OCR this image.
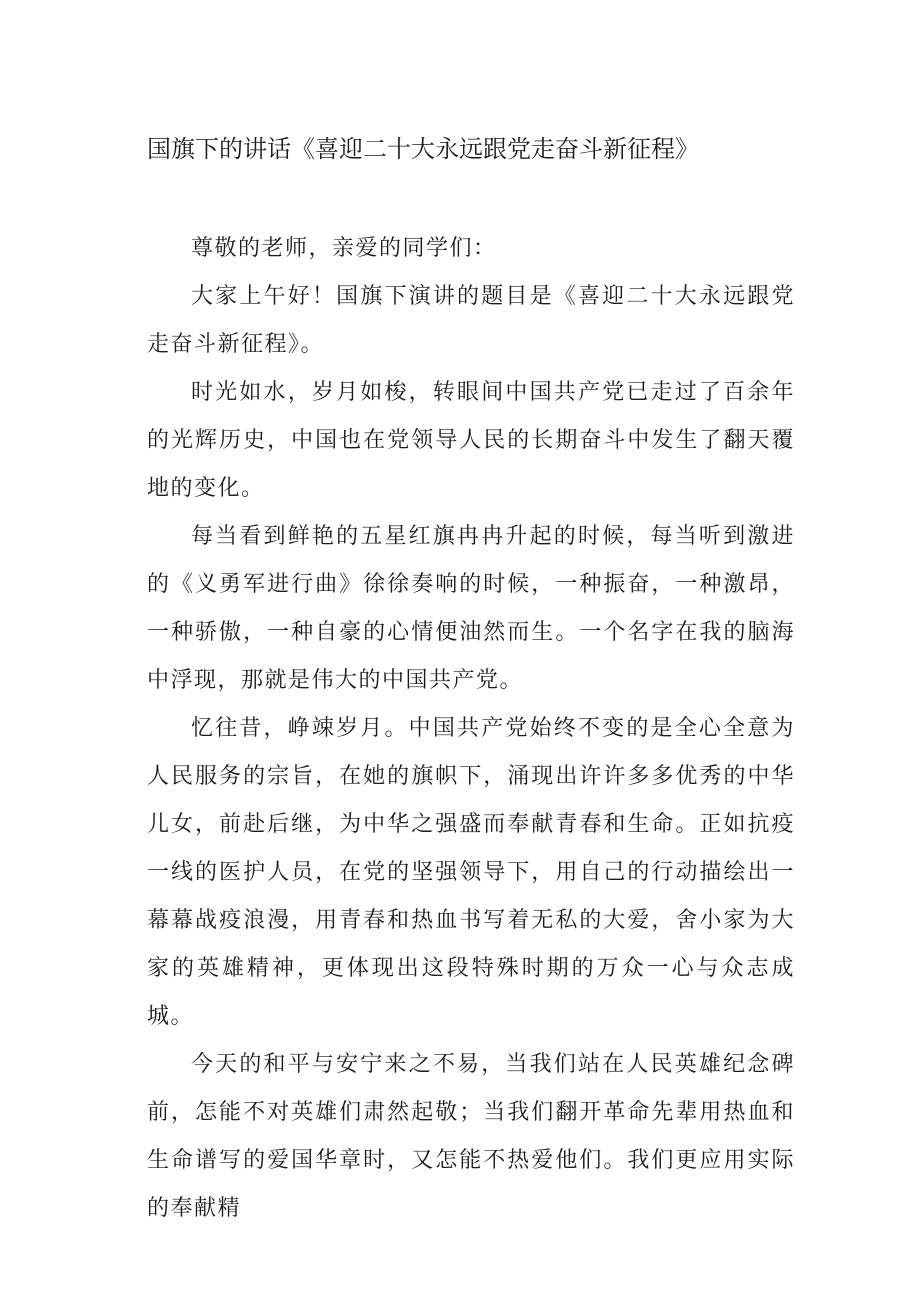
国旗下的讲话《喜迎二十大永远跟党走奋斗新征程》

尊敬的老师，亲爱的同学们：

大家上午好！国旗下演讲的题目是《喜迎二十大永远跟党走奋斗新征程》。

时光如水，岁月如梭，转眼间中国共产党已走过了百余年的光辉历史，中国也在党领导人民的长期奋斗中发生了翻天覆地的变化。

每当看到鲜艳的五星红旗冉冉升起的时候，每当听到激进的《义勇军进行曲》徐徐奏响的时候，一种振奋，一种激昂，一种骄傲，一种自豪的心情便油然而生。一个名字在我的脑海中浮现，那就是伟大的中国共产党。

忆往昔，峥竦岁月。中国共产党始终不变的是全心全意为人民服务的宗旨，在她的旗帜下，涌现出许许多多优秀的中华儿女，前赴后继，为中华之强盛而奉献青春和生命。正如抗疫一线的医护人员，在党的坚强领导下，用自己的行动描绘出一幕幕战疫浪漫，用青春和热血书写着无私的大爱，舍小家为大家的英雄精神，更体现出这段特殊时期的万众一心与众志成城。

今天的和平与安宁来之不易，当我们站在人民英雄纪念碑前，怎能不对英雄们肃然起敬；当我们翻开革命先辈用热血和生命谱写的爱国华章时，又怎能不热爱他们。我们更应用实际的奉献精
